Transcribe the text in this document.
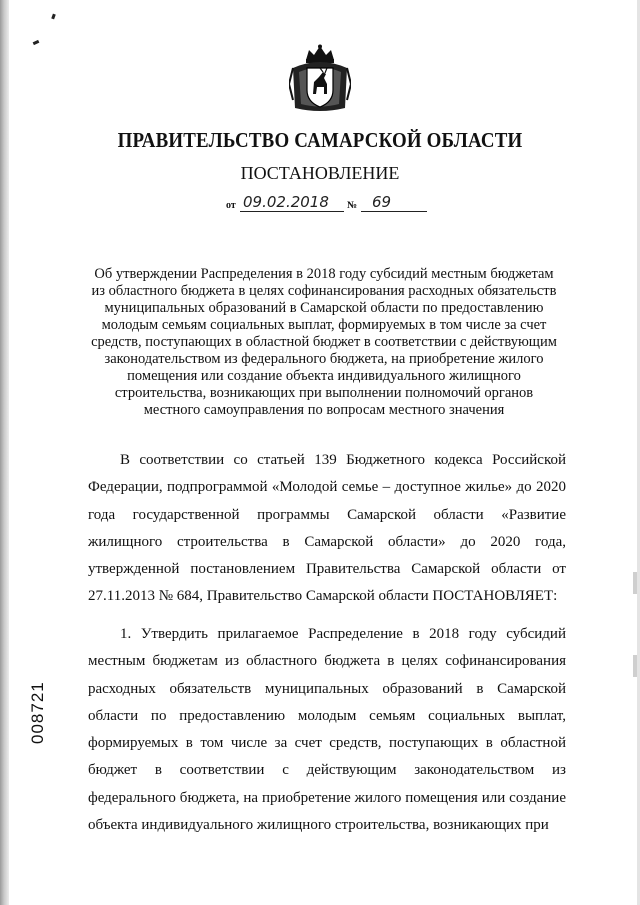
ПРАВИТЕЛЬСТВО САМАРСКОЙ ОБЛАСТИ
ПОСТАНОВЛЕНИЕ
от 09.02.2018 № 69
Об утверждении Распределения в 2018 году субсидий местным бюджетам из областного бюджета в целях софинансирования расходных обязательств муниципальных образований в Самарской области по предоставлению молодым семьям социальных выплат, формируемых в том числе за счет средств, поступающих в областной бюджет в соответствии с действующим законодательством из федерального бюджета, на приобретение жилого помещения или создание объекта индивидуального жилищного строительства, возникающих при выполнении полномочий органов местного самоуправления по вопросам местного значения
В соответствии со статьей 139 Бюджетного кодекса Российской Федерации, подпрограммой «Молодой семье – доступное жилье» до 2020 года государственной программы Самарской области «Развитие жилищного строительства в Самарской области» до 2020 года, утвержденной постановлением Правительства Самарской области от 27.11.2013 № 684, Правительство Самарской области ПОСТАНОВЛЯЕТ:
1. Утвердить прилагаемое Распределение в 2018 году субсидий местным бюджетам из областного бюджета в целях софинансирования расходных обязательств муниципальных образований в Самарской области по предоставлению молодым семьям социальных выплат, формируемых в том числе за счет средств, поступающих в областной бюджет в соответствии с действующим законодательством из федерального бюджета, на приобретение жилого помещения или создание объекта индивидуального жилищного строительства, возникающих при
008721
